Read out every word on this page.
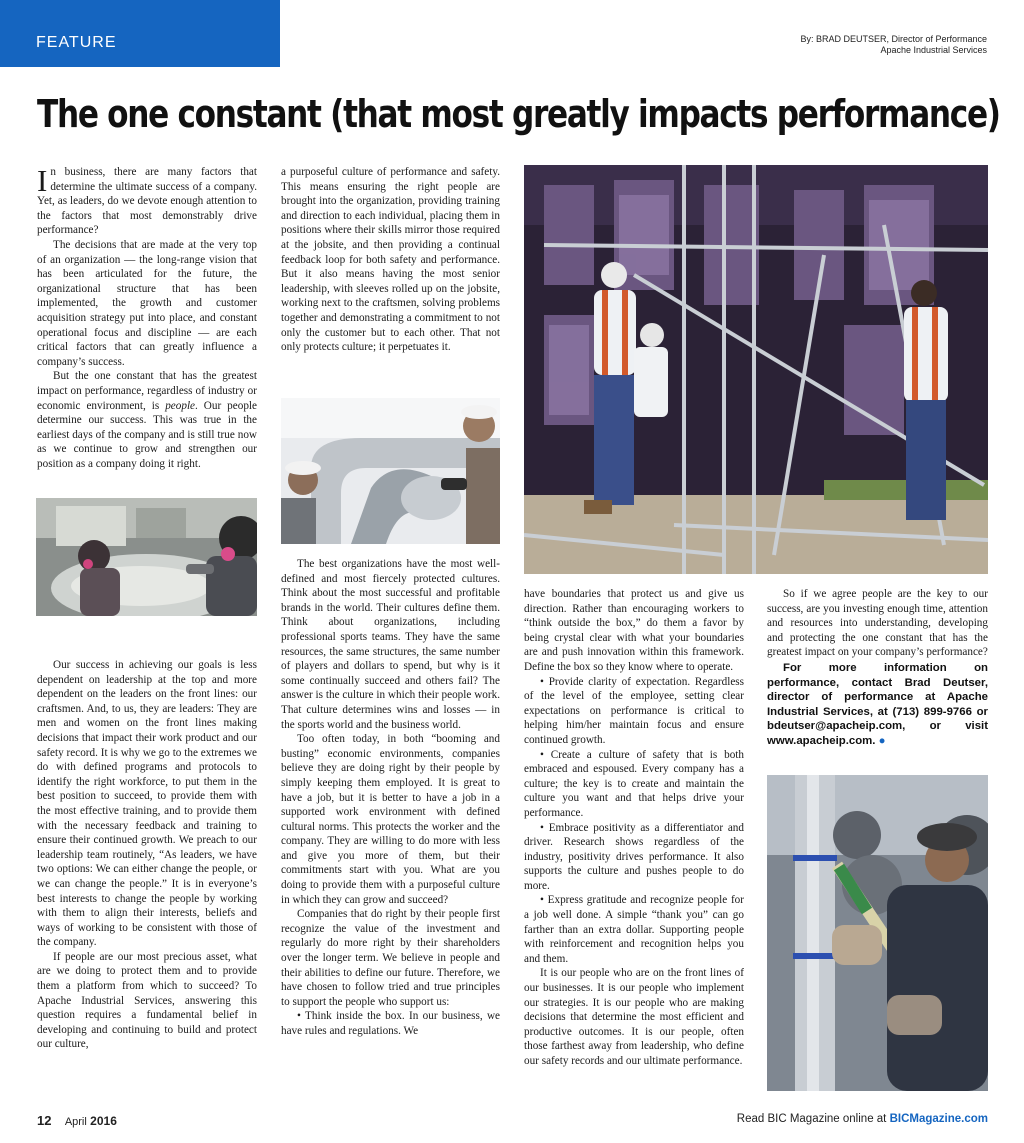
FEATURE	By: BRAD DEUTSER, Director of Performance
Apache Industrial Services
The one constant (that most greatly impacts performance)

In business, there are many factors that determine the ultimate success of a company. Yet, as leaders, do we devote enough attention to the factors that most demonstrably drive performance?

The decisions that are made at the very top of an organization — the long-range vision that has been articulated for the future, the organizational structure that has been implemented, the growth and customer acquisition strategy put into place, and constant operational focus and discipline — are each critical factors that can greatly influence a company’s success.

But the one constant that has the greatest impact on performance, regardless of industry or economic environment, is people. Our people determine our success. This was true in the earliest days of the company and is still true now as we continue to grow and strengthen our position as a company doing it right.

Our success in achieving our goals is less dependent on leadership at the top and more dependent on the leaders on the front lines: our craftsmen. And, to us, they are leaders: They are men and women on the front lines making decisions that impact their work product and our safety record. It is why we go to the extremes we do with defined programs and protocols to identify the right workforce, to put them in the best position to succeed, to provide them with the most effective training, and to provide them with the necessary feedback and training to ensure their continued growth. We preach to our leadership team routinely, “As leaders, we have two options: We can either change the people, or we can change the people.” It is in everyone’s best interests to change the people by working with them to align their interests, beliefs and ways of working to be consistent with those of the company.

If people are our most precious asset, what are we doing to protect them and to provide them a platform from which to succeed? To Apache Industrial Services, answering this question requires a fundamental belief in developing and continuing to build and protect our culture,

a purposeful culture of performance and safety. This means ensuring the right people are brought into the organization, providing training and direction to each individual, placing them in positions where their skills mirror those required at the jobsite, and then providing a continual feedback loop for both safety and performance. But it also means having the most senior leadership, with sleeves rolled up on the jobsite, working next to the craftsmen, solving problems together and demonstrating a commitment to not only the customer but to each other. That not only protects culture; it perpetuates it.

The best organizations have the most well-defined and most fiercely protected cultures. Think about the most successful and profitable brands in the world. Their cultures define them. Think about organizations, including professional sports teams. They have the same resources, the same structures, the same number of players and dollars to spend, but why is it some continually succeed and others fail? The answer is the culture in which their people work. That culture determines wins and losses — in the sports world and the business world.

Too often today, in both “booming and busting” economic environments, companies believe they are doing right by their people by simply keeping them employed. It is great to have a job, but it is better to have a job in a supported work environment with defined cultural norms. This protects the worker and the company. They are willing to do more with less and give you more of them, but their commitments start with you. What are you doing to provide them with a purposeful culture in which they can grow and succeed?

Companies that do right by their people first recognize the value of the investment and regularly do more right by their shareholders over the longer term. We believe in people and their abilities to define our future. Therefore, we have chosen to follow tried and true principles to support the people who support us:

• Think inside the box. In our business, we have rules and regulations. We

have boundaries that protect us and give us direction. Rather than encouraging workers to “think outside the box,” do them a favor by being crystal clear with what your boundaries are and push innovation within this framework. Define the box so they know where to operate.

• Provide clarity of expectation. Regardless of the level of the employee, setting clear expectations on performance is critical to helping him/her maintain focus and ensure continued growth.

• Create a culture of safety that is both embraced and espoused. Every company has a culture; the key is to create and maintain the culture you want and that helps drive your performance.

• Embrace positivity as a differentiator and driver. Research shows regardless of the industry, positivity drives performance. It also supports the culture and pushes people to do more.

• Express gratitude and recognize people for a job well done. A simple “thank you” can go farther than an extra dollar. Supporting people with reinforcement and recognition helps you and them.

It is our people who are on the front lines of our businesses. It is our people who implement our strategies. It is our people who are making decisions that determine the most efficient and productive outcomes. It is our people, often those farthest away from leadership, who define our safety records and our ultimate performance.

So if we agree people are the key to our success, are you investing enough time, attention and resources into understanding, developing and protecting the one constant that has the greatest impact on your company’s performance?

For more information on performance, contact Brad Deutser, director of performance at Apache Industrial Services, at (713) 899-9766 or bdeutser@apacheip.com, or visit www.apacheip.com. ●
12 April 2016	Read BIC Magazine online at BICMagazine.com
